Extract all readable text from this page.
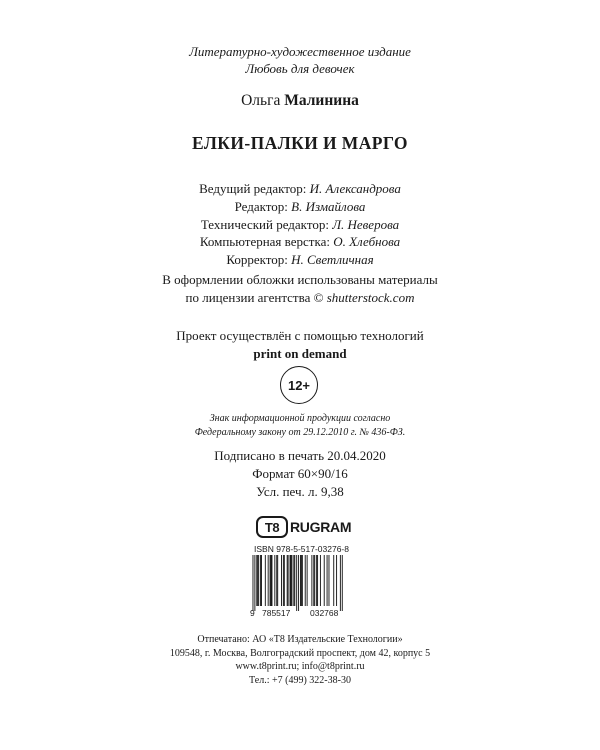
Литературно-художественное издание
Любовь для девочек
Ольга Малинина
ЕЛКИ-ПАЛКИ И МАРГО
Ведущий редактор: И. Александрова
Редактор: В. Измайлова
Технический редактор: Л. Неверова
Компьютерная верстка: О. Хлебнова
Корректор: Н. Светличная
В оформлении обложки использованы материалы
по лицензии агентства © shutterstock.com
Проект осуществлён с помощью технологий
print on demand
12+
Знак информационной продукции согласно
Федеральному закону от 29.12.2010 г. № 436-ФЗ.
Подписано в печать 20.04.2020
Формат 60×90/16
Усл. печ. л. 9,38
T8 RUGRAM
ISBN 978-5-517-03276-8
9 785517 032768
Отпечатано: АО «Т8 Издательские Технологии»
109548, г. Москва, Волгоградский проспект, дом 42, корпус 5
www.t8print.ru; info@t8print.ru
Тел.: +7 (499) 322-38-30
